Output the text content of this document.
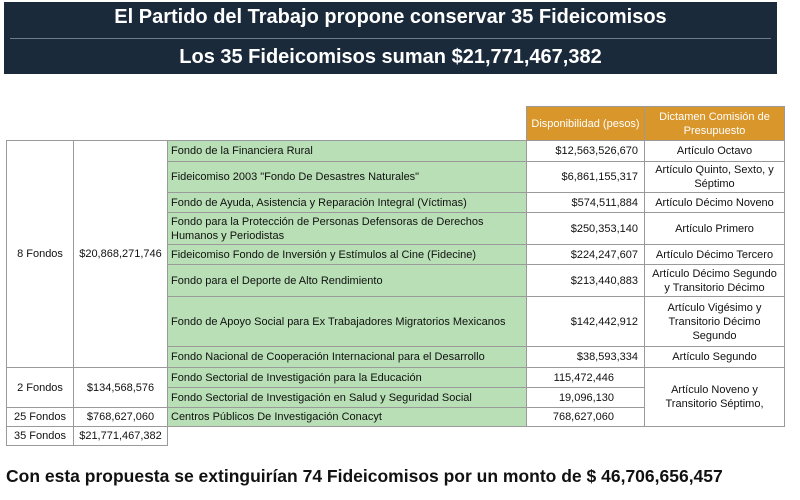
El Partido del Trabajo propone conservar 35 Fideicomisos
Los 35 Fideicomisos suman $21,771,467,382
			Disponibilidad (pesos)	Dictamen Comisión de Presupuesto
8 Fondos	$20,868,271,746	Fondo de la Financiera Rural	$12,563,526,670	Artículo Octavo
		Fideicomiso 2003 "Fondo De Desastres Naturales"	$6,861,155,317	Artículo Quinto, Sexto, y Séptimo
		Fondo de Ayuda, Asistencia y Reparación Integral (Víctimas)	$574,511,884	Artículo Décimo Noveno
		Fondo para la Protección de Personas Defensoras de Derechos Humanos y Periodistas	$250,353,140	Artículo Primero
		Fideicomiso Fondo de Inversión y Estímulos al Cine (Fidecine)	$224,247,607	Artículo Décimo Tercero
		Fondo para el Deporte de Alto Rendimiento	$213,440,883	Artículo Décimo Segundo y Transitorio Décimo
		Fondo de Apoyo Social para Ex Trabajadores Migratorios Mexicanos	$142,442,912	Artículo Vigésimo y Transitorio Décimo Segundo
		Fondo Nacional de Cooperación Internacional para el Desarrollo	$38,593,334	Artículo Segundo
2 Fondos	$134,568,576	Fondo Sectorial de Investigación para la Educación	115,472,446	Artículo Noveno y Transitorio Séptimo,
		Fondo Sectorial de Investigación en Salud y Seguridad Social	19,096,130	
25 Fondos	$768,627,060	Centros Públicos De Investigación Conacyt	768,627,060	
35 Fondos	$21,771,467,382			
Con esta propuesta se extinguirían 74 Fideicomisos por un monto de $ 46,706,656,457
